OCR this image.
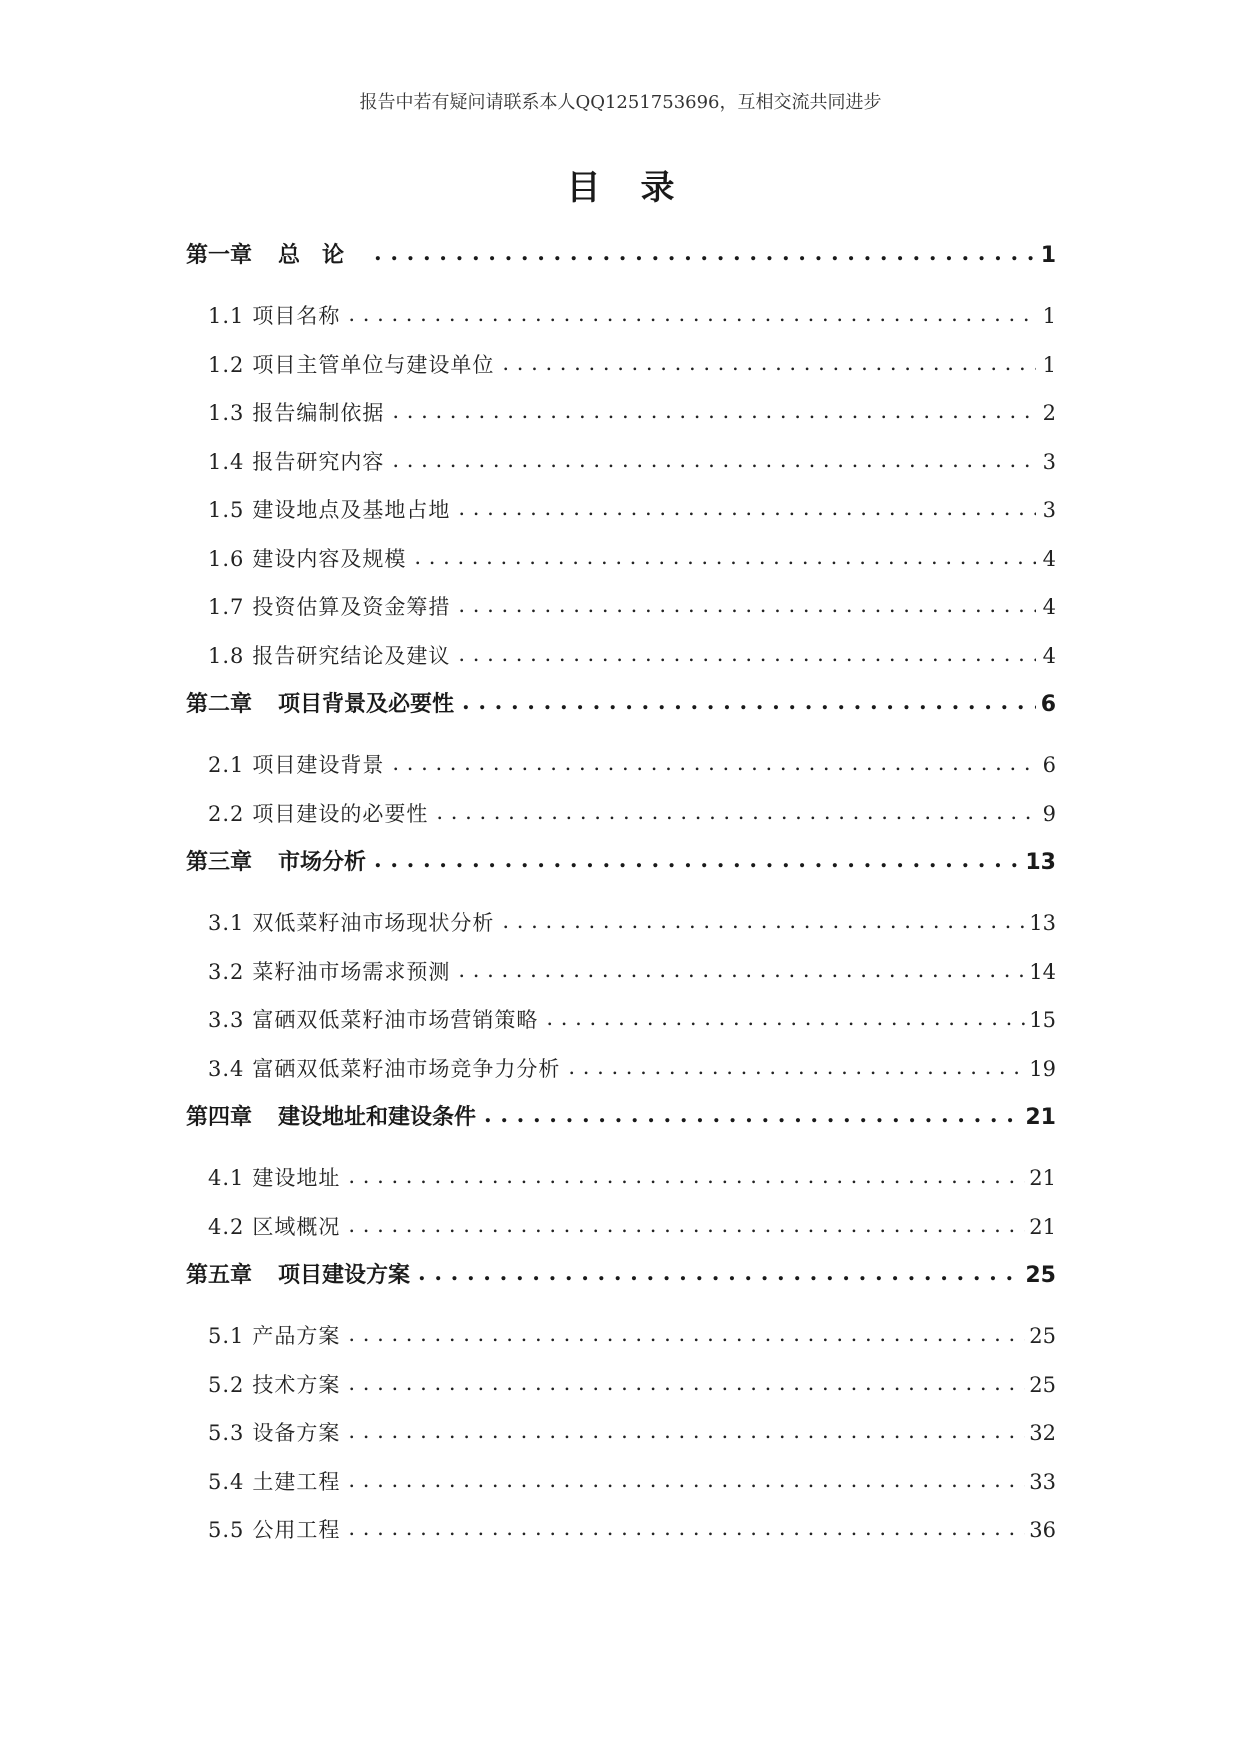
报告中若有疑问请联系本人QQ1251753696，互相交流共同进步
目录
第一章 总论 . . .	1
1.1 项目名称 . . .	1
1.2 项目主管单位与建设单位 . . .	1
1.3 报告编制依据 . . .	2
1.4 报告研究内容 . . .	3
1.5 建设地点及基地占地 . . .	3
1.6 建设内容及规模 . . .	4
1.7 投资估算及资金筹措 . . .	4
1.8 报告研究结论及建议 . . .	4
第二章 项目背景及必要性 . . .	6
2.1 项目建设背景 . . .	6
2.2 项目建设的必要性 . . .	9
第三章 市场分析 . . .	13
3.1 双低菜籽油市场现状分析 . . .	13
3.2 菜籽油市场需求预测 . . .	14
3.3 富硒双低菜籽油市场营销策略 . . .	15
3.4 富硒双低菜籽油市场竞争力分析 . . .	19
第四章 建设地址和建设条件 . . .	21
4.1 建设地址 . . .	21
4.2 区域概况 . . .	21
第五章 项目建设方案 . . .	25
5.1 产品方案 . . .	25
5.2 技术方案 . . .	25
5.3 设备方案 . . .	32
5.4 土建工程 . . .	33
5.5 公用工程 . . .	36
